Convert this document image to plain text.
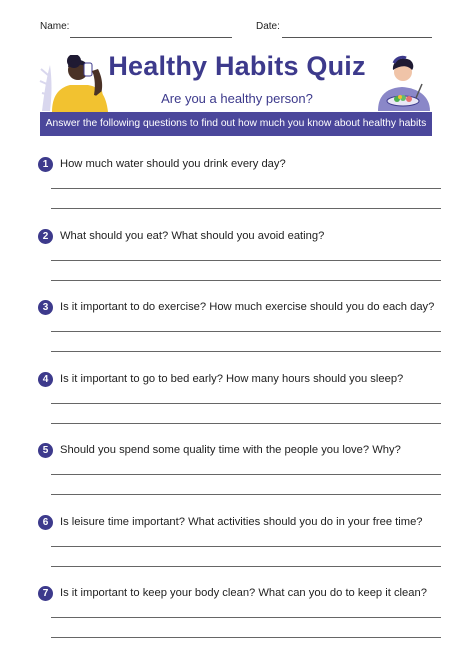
Name:	Date:
Healthy Habits Quiz
Are you a healthy person?
Answer the following questions to find out how much you know about healthy habits
1	How much water should you drink every day?
2	What should you eat? What should you avoid eating?
3	Is it important to do exercise? How much exercise should you do each day?
4	Is it important to go to bed early? How many hours should you sleep?
5	Should you spend some quality time with the people you love? Why?
6	Is leisure time important? What activities should you do in your free time?
7	Is it important to keep your body clean? What can you do to keep it clean?
